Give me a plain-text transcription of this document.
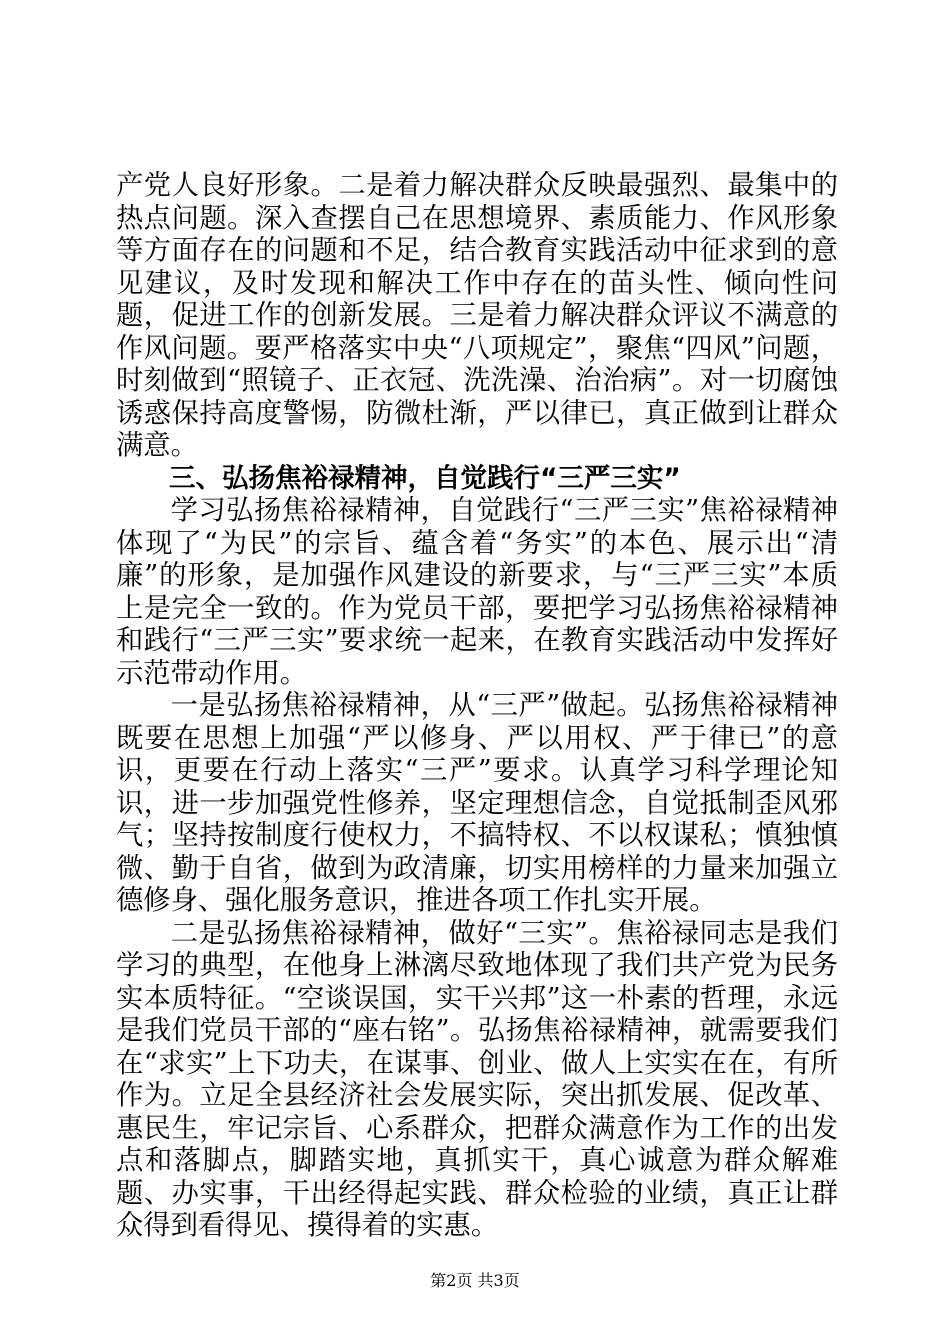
产党人良好形象。二是着力解决群众反映最强烈、最集中的热点问题。深入查摆自己在思想境界、素质能力、作风形象等方面存在的问题和不足，结合教育实践活动中征求到的意见建议，及时发现和解决工作中存在的苗头性、倾向性问题，促进工作的创新发展。三是着力解决群众评议不满意的作风问题。要严格落实中央“八项规定”，聚焦“四风”问题，时刻做到“照镜子、正衣冠、洗洗澡、治治病”。对一切腐蚀诱惑保持高度警惕，防微杜渐，严以律已，真正做到让群众满意。

三、弘扬焦裕禄精神，自觉践行“三严三实”

学习弘扬焦裕禄精神，自觉践行“三严三实”焦裕禄精神体现了“为民”的宗旨、蕴含着“务实”的本色、展示出“清廉”的形象，是加强作风建设的新要求，与“三严三实”本质上是完全一致的。作为党员干部，要把学习弘扬焦裕禄精神和践行“三严三实”要求统一起来，在教育实践活动中发挥好示范带动作用。

一是弘扬焦裕禄精神，从“三严”做起。弘扬焦裕禄精神既要在思想上加强“严以修身、严以用权、严于律已”的意识，更要在行动上落实“三严”要求。认真学习科学理论知识，进一步加强党性修养，坚定理想信念，自觉抵制歪风邪气；坚持按制度行使权力，不搞特权、不以权谋私；慎独慎微、勤于自省，做到为政清廉，切实用榜样的力量来加强立德修身、强化服务意识，推进各项工作扎实开展。

二是弘扬焦裕禄精神，做好“三实”。焦裕禄同志是我们学习的典型，在他身上淋漓尽致地体现了我们共产党为民务实本质特征。“空谈误国，实干兴邦”这一朴素的哲理，永远是我们党员干部的“座右铭”。弘扬焦裕禄精神，就需要我们在“求实”上下功夫，在谋事、创业、做人上实实在在，有所作为。立足全县经济社会发展实际，突出抓发展、促改革、惠民生，牢记宗旨、心系群众，把群众满意作为工作的出发点和落脚点，脚踏实地，真抓实干，真心诚意为群众解难题、办实事，干出经得起实践、群众检验的业绩，真正让群众得到看得见、摸得着的实惠。

第2页 共3页
